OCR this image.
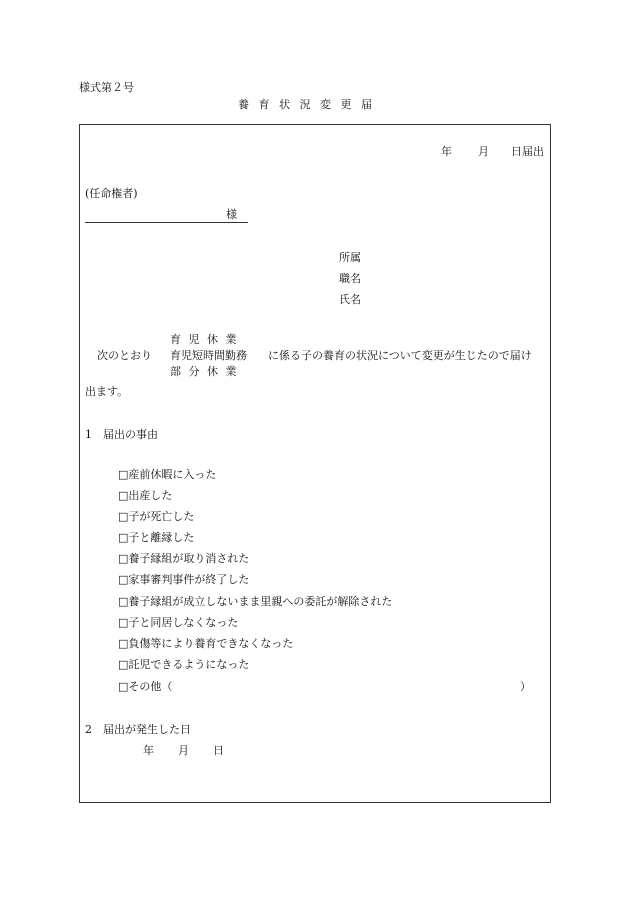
様式第２号
養 育 状 況 変 更 届
年 月 日届出
(任命権者)
様
所属
職名
氏名
次のとおり
育 児 休 業
育児短時間勤務
部 分 休 業
に係る子の養育の状況について変更が生じたので届け
出ます。
1　届出の事由
□産前休暇に入った
□出産した
□子が死亡した
□子と離縁した
□養子縁組が取り消された
□家事審判事件が終了した
□養子縁組が成立しないまま里親への委託が解除された
□子と同居しなくなった
□負傷等により養育できなくなった
□託児できるようになった
□その他（	）
2　届出が発生した日
年 月 日
